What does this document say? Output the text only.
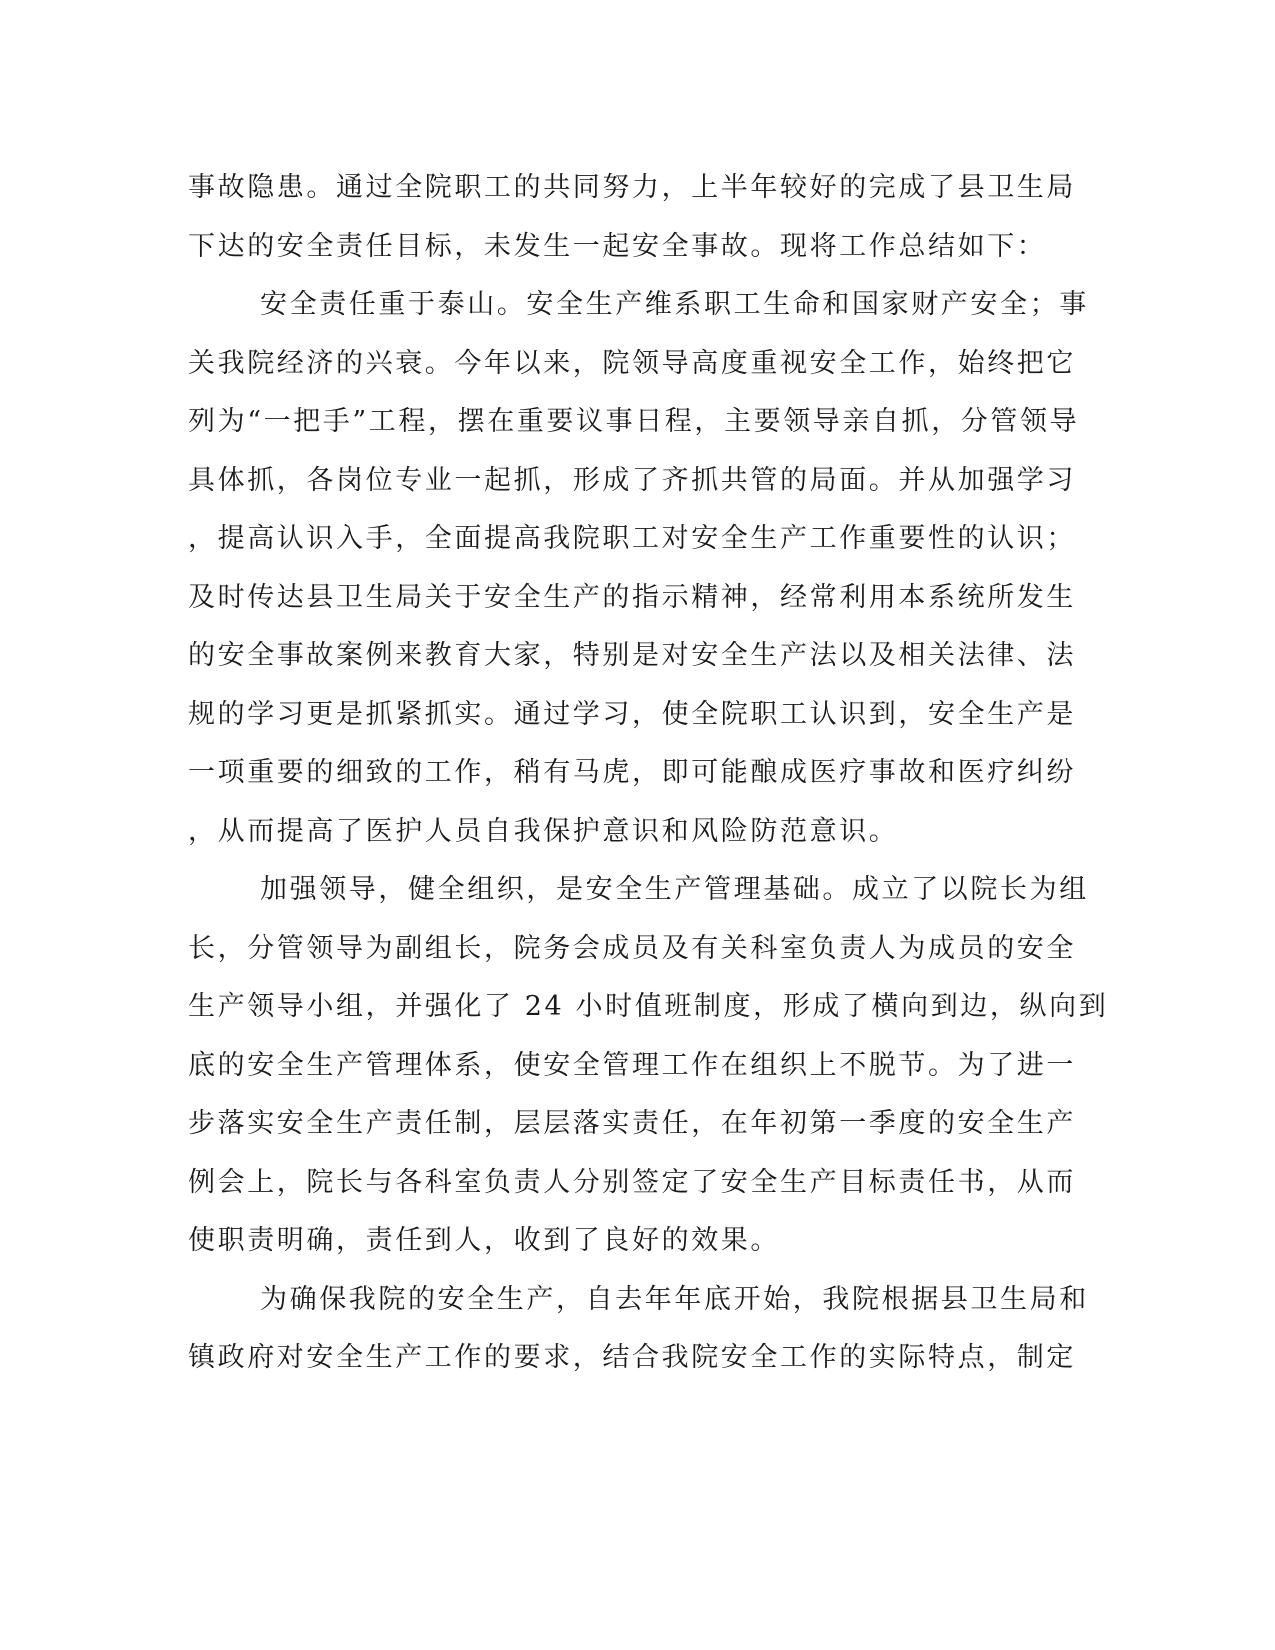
事故隐患。通过全院职工的共同努力，上半年较好的完成了县卫生局
下达的安全责任目标，未发生一起安全事故。现将工作总结如下：
安全责任重于泰山。安全生产维系职工生命和国家财产安全；事
关我院经济的兴衰。今年以来，院领导高度重视安全工作，始终把它
列为“一把手”工程，摆在重要议事日程，主要领导亲自抓，分管领导
具体抓，各岗位专业一起抓，形成了齐抓共管的局面。并从加强学习
，提高认识入手，全面提高我院职工对安全生产工作重要性的认识；
及时传达县卫生局关于安全生产的指示精神，经常利用本系统所发生
的安全事故案例来教育大家，特别是对安全生产法以及相关法律、法
规的学习更是抓紧抓实。通过学习，使全院职工认识到，安全生产是
一项重要的细致的工作，稍有马虎，即可能酿成医疗事故和医疗纠纷
，从而提高了医护人员自我保护意识和风险防范意识。
加强领导，健全组织，是安全生产管理基础。成立了以院长为组
长，分管领导为副组长，院务会成员及有关科室负责人为成员的安全
生产领导小组，并强化了 24 小时值班制度，形成了横向到边，纵向到
底的安全生产管理体系，使安全管理工作在组织上不脱节。为了进一
步落实安全生产责任制，层层落实责任，在年初第一季度的安全生产
例会上，院长与各科室负责人分别签定了安全生产目标责任书，从而
使职责明确，责任到人，收到了良好的效果。
为确保我院的安全生产，自去年年底开始，我院根据县卫生局和
镇政府对安全生产工作的要求，结合我院安全工作的实际特点，制定
